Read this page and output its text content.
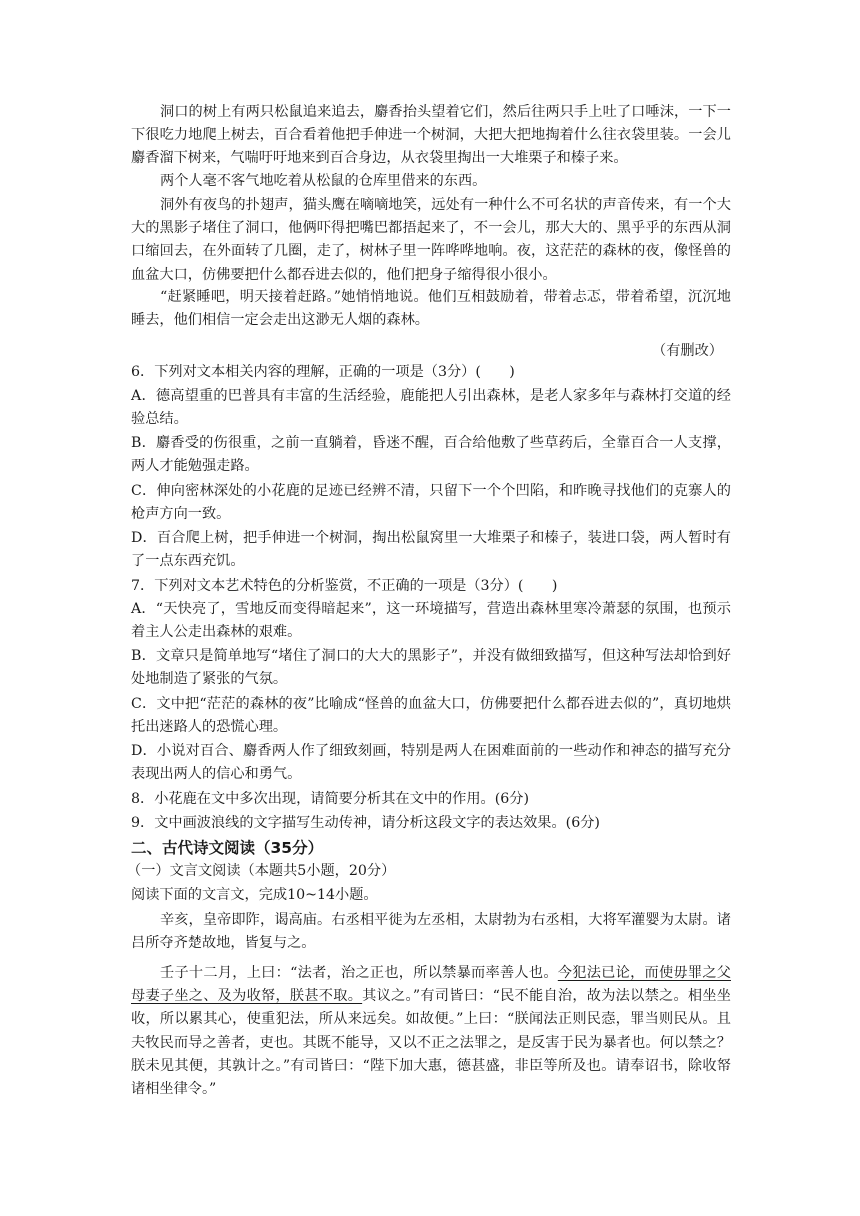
洞口的树上有两只松鼠追来追去，麝香抬头望着它们，然后往两只手上吐了口唾沫，一下一下很吃力地爬上树去，百合看着他把手伸进一个树洞，大把大把地掏着什么往衣袋里装。一会儿麝香溜下树来，气喘吁吁地来到百合身边，从衣袋里掏出一大堆栗子和榛子来。
两个人毫不客气地吃着从松鼠的仓库里借来的东西。
洞外有夜鸟的扑翅声，猫头鹰在嘀嘀地笑，远处有一种什么不可名状的声音传来，有一个大大的黑影子堵住了洞口，他俩吓得把嘴巴都捂起来了，不一会儿，那大大的、黑乎乎的东西从洞口缩回去，在外面转了几圈，走了，树林子里一阵哗哗地响。夜，这茫茫的森林的夜，像怪兽的血盆大口，仿佛要把什么都吞进去似的，他们把身子缩得很小很小。
“赶紧睡吧，明天接着赶路。”她悄悄地说。他们互相鼓励着，带着忐忑，带着希望，沉沉地睡去，他们相信一定会走出这渺无人烟的森林。
（有删改）
6．下列对文本相关内容的理解，正确的一项是（3分）(　　)
A．德高望重的巴普具有丰富的生活经验，鹿能把人引出森林，是老人家多年与森林打交道的经验总结。
B．麝香受的伤很重，之前一直躺着，昏迷不醒，百合给他敷了些草药后，全靠百合一人支撑，两人才能勉强走路。
C．伸向密林深处的小花鹿的足迹已经辨不清，只留下一个个凹陷，和昨晚寻找他们的克寨人的枪声方向一致。
D．百合爬上树，把手伸进一个树洞，掏出松鼠窝里一大堆栗子和榛子，装进口袋，两人暂时有了一点东西充饥。
7．下列对文本艺术特色的分析鉴赏，不正确的一项是（3分）(　　)
A．“天快亮了，雪地反而变得暗起来”，这一环境描写，营造出森林里寒冷萧瑟的氛围，也预示着主人公走出森林的艰难。
B．文章只是简单地写“堵住了洞口的大大的黑影子”，并没有做细致描写，但这种写法却恰到好处地制造了紧张的气氛。
C．文中把“茫茫的森林的夜”比喻成“怪兽的血盆大口，仿佛要把什么都吞进去似的”，真切地烘托出迷路人的恐慌心理。
D．小说对百合、麝香两人作了细致刻画，特别是两人在困难面前的一些动作和神态的描写充分表现出两人的信心和勇气。
8．小花鹿在文中多次出现，请简要分析其在文中的作用。(6分)
9．文中画波浪线的文字描写生动传神，请分析这段文字的表达效果。(6分)
二、古代诗文阅读（35分）
（一）文言文阅读（本题共5小题，20分）
阅读下面的文言文，完成10~14小题。
辛亥，皇帝即阼，谒高庙。右丞相平徙为左丞相，太尉勃为右丞相，大将军灌婴为太尉。诸吕所夺齐楚故地，皆复与之。
壬子十二月，上曰：“法者，治之正也，所以禁暴而率善人也。今犯法已论，而使毋罪之父母妻子坐之、及为收帑，朕甚不取。其议之。”有司皆曰：“民不能自治，故为法以禁之。相坐坐收，所以累其心，使重犯法，所从来远矣。如故便。”上曰：“朕闻法正则民悫，罪当则民从。且夫牧民而导之善者，吏也。其既不能导，又以不正之法罪之，是反害于民为暴者也。何以禁之？朕未见其便，其孰计之。”有司皆曰：“陛下加大惠，德甚盛，非臣等所及也。请奉诏书，除收帑诸相坐律令。”
